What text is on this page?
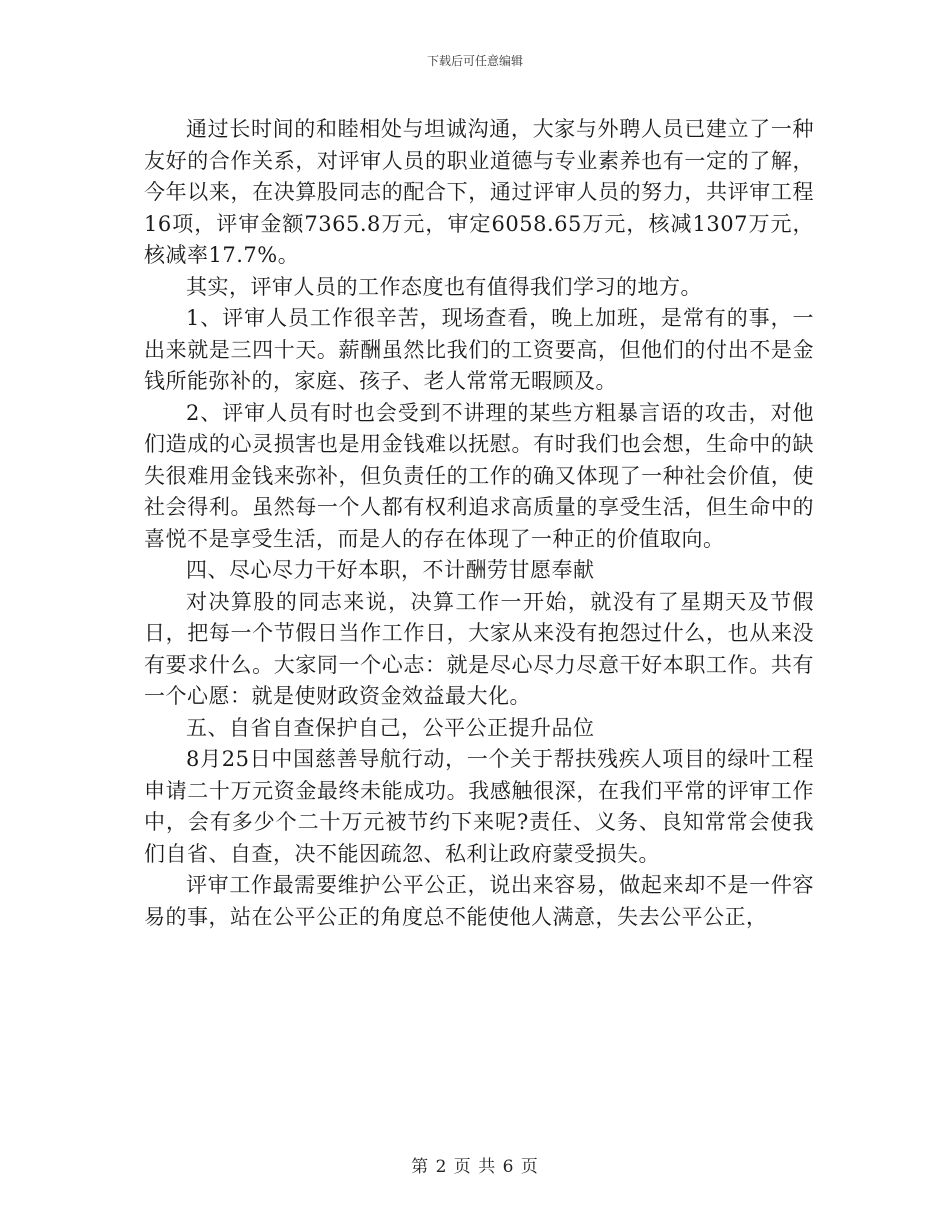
下载后可任意编辑

通过长时间的和睦相处与坦诚沟通，大家与外聘人员已建立了一种友好的合作关系，对评审人员的职业道德与专业素养也有一定的了解，今年以来，在决算股同志的配合下，通过评审人员的努力，共评审工程16项，评审金额7365.8万元，审定6058.65万元，核减1307万元，核减率17.7%。

其实，评审人员的工作态度也有值得我们学习的地方。

1、评审人员工作很辛苦，现场查看，晚上加班，是常有的事，一出来就是三四十天。薪酬虽然比我们的工资要高，但他们的付出不是金钱所能弥补的，家庭、孩子、老人常常无暇顾及。

2、评审人员有时也会受到不讲理的某些方粗暴言语的攻击，对他们造成的心灵损害也是用金钱难以抚慰。有时我们也会想，生命中的缺失很难用金钱来弥补，但负责任的工作的确又体现了一种社会价值，使社会得利。虽然每一个人都有权利追求高质量的享受生活，但生命中的喜悦不是享受生活，而是人的存在体现了一种正的价值取向。

四、尽心尽力干好本职，不计酬劳甘愿奉献

对决算股的同志来说，决算工作一开始，就没有了星期天及节假日，把每一个节假日当作工作日，大家从来没有抱怨过什么，也从来没有要求什么。大家同一个心志：就是尽心尽力尽意干好本职工作。共有一个心愿：就是使财政资金效益最大化。

五、自省自查保护自己，公平公正提升品位

8月25日中国慈善导航行动，一个关于帮扶残疾人项目的绿叶工程申请二十万元资金最终未能成功。我感触很深，在我们平常的评审工作中，会有多少个二十万元被节约下来呢?责任、义务、良知常常会使我们自省、自查，决不能因疏忽、私利让政府蒙受损失。

评审工作最需要维护公平公正，说出来容易，做起来却不是一件容易的事，站在公平公正的角度总不能使他人满意，失去公平公正，

第 2 页 共 6 页
